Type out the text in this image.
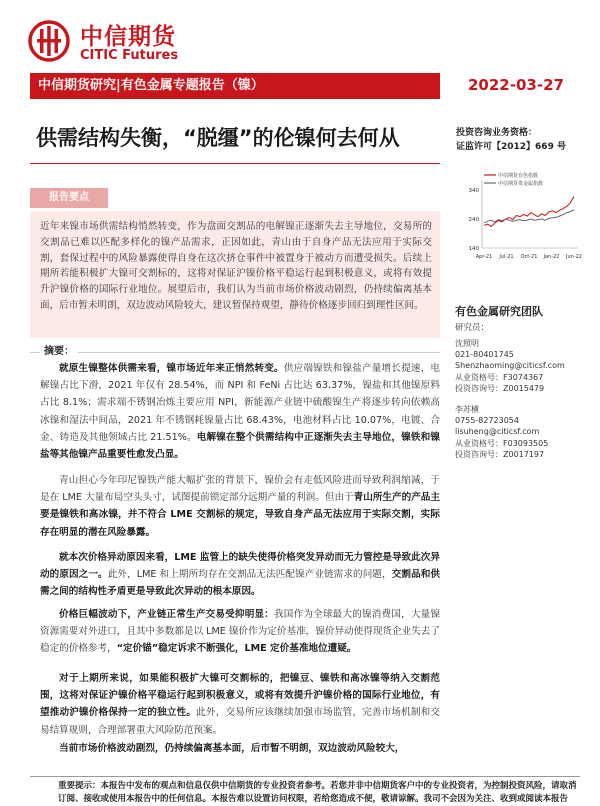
中信期货
CITIC Futures
中信期货研究|有色金属专题报告（镍）	2022-03-27
供需结构失衡，“脱缰”的伦镍何去何从	投资咨询业务资格：
证监许可【2012】669 号
报告要点
近年来镍市场供需结构悄然转变，作为盘面交割品的电解镍正逐渐失去主导地位，交易所的交割品已难以匹配多样化的镍产品需求，正因如此，青山由于自身产品无法应用于实际交割，套保过程中的风险暴露使得自身在这次挤仓事件中被置身于被动方而遭受损失。后续上期所若能积极扩大镍可交割标的，这将对保证沪镍价格平稳运行起到积极意义，或将有效提升沪镍价格的国际行业地位。展望后市，我们认为当前市场价格波动剧烈，仍持续偏离基本面，后市暂未明朗，双边波动风险较大，建议暂保持观望，静待价格逐步回归到理性区间。
中信期货有色指数
中信期货贵金属指数
340
240
140
Apr-21 Jul-21 Oct-21 Jan-22 Jun-22
有色金属研究团队
研究员：
沈照明
021-80401745
Shenzhaoming@citicsf.com
从业资格号：F3074367
投资咨询号：Z0015479
李苏横
0755-82723054
lisuheng@citicsf.com
从业资格号：F03093505
投资咨询号：Z0017197
摘要：
就原生镍整体供需来看，镍市场近年来正悄然转变。供应端镍铁和镍盐产量增长提速，电解镍占比下滑，2021 年仅有 28.54%，而 NPI 和 FeNi 占比达 63.37%，镍盐和其他镍原料占比 8.1%；需求端不锈钢冶炼主要应用 NPI，新能源产业链中硫酸镍生产将逐步转向依赖高冰镍和湿法中间品，2021 年不锈钢耗镍量占比 68.43%，电池材料占比 10.07%，电镀、合金、铸造及其他领域占比 21.51%。电解镍在整个供需结构中正逐渐失去主导地位，镍铁和镍盐等其他镍产品重要性愈发凸显。
青山担心今年印尼镍铁产能大幅扩张的背景下，镍价会有走低风险进而导致利润缩减，于是在 LME 大量布局空头头寸，试图提前锁定部分远期产量的利润。但由于青山所生产的产品主要是镍铁和高冰镍，并不符合 LME 交割标的规定，导致自身产品无法应用于实际交割，实际存在明显的潜在风险暴露。
就本次价格异动原因来看，LME 监管上的缺失使得价格突发异动而无力管控是导致此次异动的原因之一。此外，LME 和上期所均存在交割品无法匹配镍产业链需求的问题，交割品和供需之间的结构性矛盾更是导致此次异动的根本原因。
价格巨幅波动下，产业链正常生产交易受抑明显：我国作为全球最大的镍消费国，大量镍资源需要对外进口，且其中多数都是以 LME 镍价作为定价基准，镍价异动使得现货企业失去了稳定的价格参考，“定价锚”稳定诉求不断强化，LME 定价基准地位遭疑。
对于上期所来说，如果能积极扩大镍可交割标的，把镍豆、镍铁和高冰镍等纳入交割范围，这将对保证沪镍价格平稳运行起到积极意义，或将有效提升沪镍价格的国际行业地位，有望推动沪镍价格保持一定的独立性。此外，交易所应该继续加强市场监管，完善市场机制和交易结算规则，合理部署重大风险防范预案。
当前市场价格波动剧烈，仍持续偏离基本面，后市暂不明朗，双边波动风险较大，
重要提示：本报告中发布的观点和信息仅供中信期货的专业投资者参考。若您并非中信期货客户中的专业投资者，为控制投资风险，请取消订阅、接收或使用本报告中的任何信息。本报告难以设置访问权限，若给您造成不便，敬请谅解。我司不会因为关注、收到或阅读本报告
